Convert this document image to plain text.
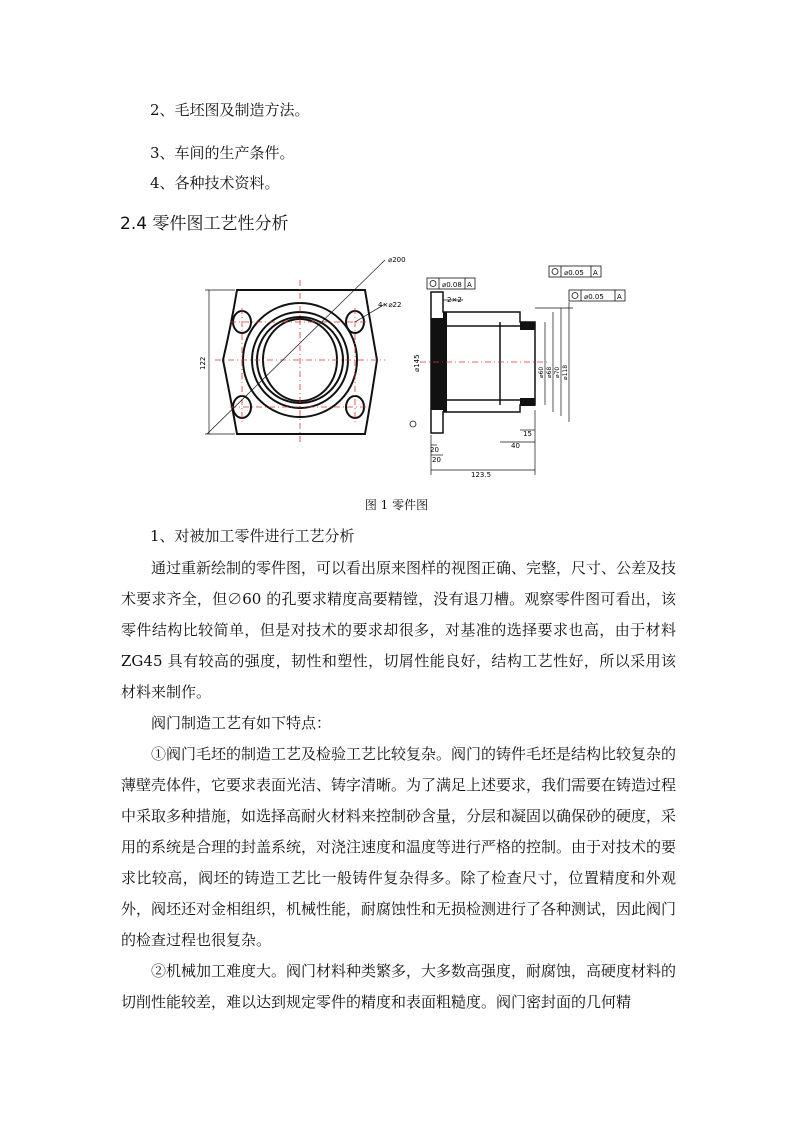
2、毛坯图及制造方法。
3、车间的生产条件。
4、各种技术资料。
2.4 零件图工艺性分析
⌀200
4×⌀22
122
⌀0.08 A
⌀0.05 A
⌀0.05 A
2×2
40
15
20
20
123.5
⌀145
⌀60 ⌀68 ⌀70 ⌀118
图 1 零件图
1、对被加工零件进行工艺分析
通过重新绘制的零件图，可以看出原来图样的视图正确、完整，尺寸、公差及技术要求齐全，但∅60 的孔要求精度高要精镗，没有退刀槽。观察零件图可看出，该零件结构比较简单，但是对技术的要求却很多，对基准的选择要求也高，由于材料 ZG45 具有较高的强度，韧性和塑性，切屑性能良好，结构工艺性好，所以采用该材料来制作。
阀门制造工艺有如下特点：
①阀门毛坯的制造工艺及检验工艺比较复杂。阀门的铸件毛坯是结构比较复杂的薄壁壳体件，它要求表面光洁、铸字清晰。为了满足上述要求，我们需要在铸造过程中采取多种措施，如选择高耐火材料来控制砂含量，分层和凝固以确保砂的硬度，采用的系统是合理的封盖系统，对浇注速度和温度等进行严格的控制。由于对技术的要求比较高，阀坯的铸造工艺比一般铸件复杂得多。除了检查尺寸，位置精度和外观外，阀坯还对金相组织，机械性能，耐腐蚀性和无损检测进行了各种测试，因此阀门的检查过程也很复杂。
②机械加工难度大。阀门材料种类繁多，大多数高强度，耐腐蚀，高硬度材料的切削性能较差，难以达到规定零件的精度和表面粗糙度。阀门密封面的几何精
